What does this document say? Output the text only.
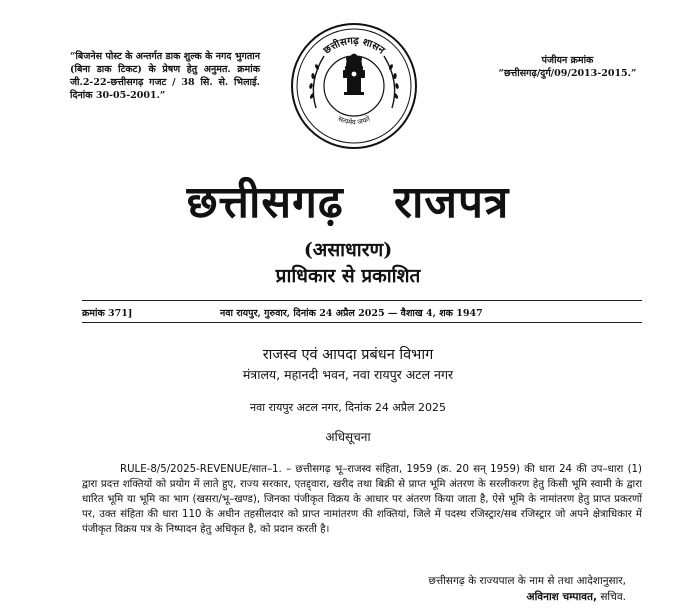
“बिजनेस पोस्ट के अन्तर्गत डाक शुल्क के नगद भुगतान (बिना डाक टिकट) के प्रेषण हेतु अनुमत. क्रमांक जी.2-22-छत्तीसगढ़ गजट / 38 सि. से. भिलाई. दिनांक 30-05-2001.”
पंजीयन क्रमांक
“छत्तीसगढ़/दुर्ग/09/2013-2015.”
छत्तीसगढ़ शासन
सत्यमेव जयते
छत्तीसगढ़ राजपत्र
(असाधारण)
प्राधिकार से प्रकाशित
क्रमांक 371]	नवा रायपुर, गुरुवार, दिनांक 24 अप्रैल 2025 — वैशाख 4, शक 1947
राजस्व एवं आपदा प्रबंधन विभाग
मंत्रालय, महानदी भवन, नवा रायपुर अटल नगर
नवा रायपुर अटल नगर, दिनांक 24 अप्रैल 2025
अधिसूचना
RULE-8/5/2025-REVENUE/सात–1. – छत्तीसगढ़ भू–राजस्व संहिता, 1959 (क्र. 20 सन् 1959) की धारा 24 की उप–धारा (1) द्वारा प्रदत्त शक्तियों को प्रयोग में लाते हुए, राज्य सरकार, एतद्द्वारा, खरीद तथा बिक्री से प्राप्त भूमि अंतरण के सरलीकरण हेतु किसी भूमि स्वामी के द्वारा धारित भूमि या भूमि का भाग (खसरा/भू–खण्ड), जिनका पंजीकृत विक्रय के आधार पर अंतरण किया जाता है, ऐसे भूमि के नामांतरण हेतु प्राप्त प्रकरणों पर, उक्त संहिता की धारा 110 के अधीन तहसीलदार को प्राप्त नामांतरण की शक्तियां, जिले में पदस्थ रजिस्ट्रार/सब रजिस्ट्रार जो अपने क्षेत्राधिकार में पंजीकृत विक्रय पत्र के निष्पादन हेतु अधिकृत है, को प्रदान करती है।
छत्तीसगढ़ के राज्यपाल के नाम से तथा आदेशानुसार,
अविनाश चम्पावत, सचिव.
